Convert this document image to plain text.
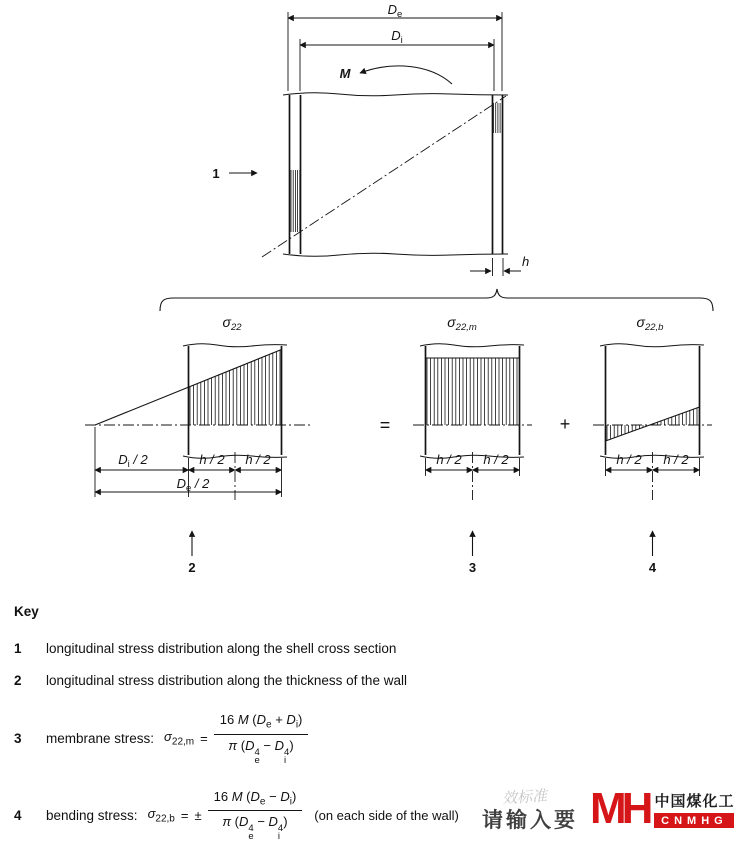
$D_e$
$D_i$
M
1
h
$\sigma_{22}$
$D_i / 2$	h / 2 h / 2
$D_e / 2$
2
=
$\sigma_{22,m}$
h / 2 h / 2
3
+
$\sigma_{22,b}$
h / 2 h / 2
4
Key
1	longitudinal stress distribution along the shell cross section
2	longitudinal stress distribution along the thickness of the wall
3	membrane stress: $\sigma_{22,m} = 16$ M $(D_e + D_i)$
π (D 4
e
− D 4
i
)
4	bending stress: $\sigma_{22,b}$ = ± 16 M $(D_e - D_i)$
π (D 4
e
− D 4
i
) (on each side of the wall)
效标准
请输入要 MH 中国煤化工
CNMHG
